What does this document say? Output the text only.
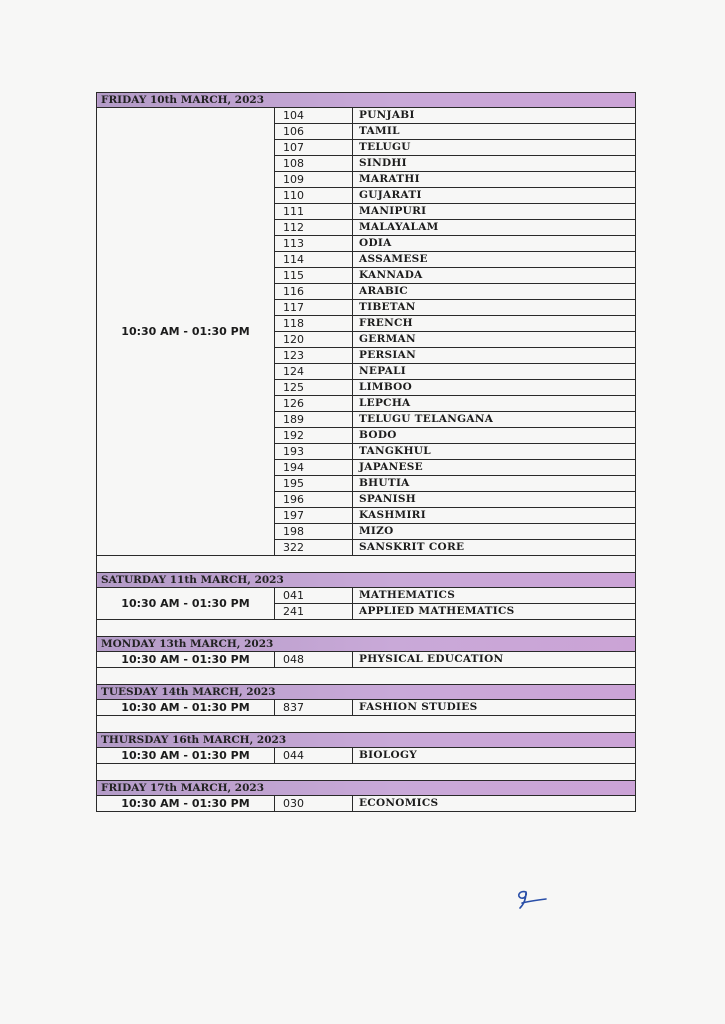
FRIDAY 10th MARCH, 2023		
10:30 AM - 01:30 PM	104	PUNJABI
	106	TAMIL
	107	TELUGU
	108	SINDHI
	109	MARATHI
	110	GUJARATI
	111	MANIPURI
	112	MALAYALAM
	113	ODIA
	114	ASSAMESE
	115	KANNADA
	116	ARABIC
	117	TIBETAN
	118	FRENCH
	120	GERMAN
	123	PERSIAN
	124	NEPALI
	125	LIMBOO
	126	LEPCHA
	189	TELUGU TELANGANA
	192	BODO
	193	TANGKHUL
	194	JAPANESE
	195	BHUTIA
	196	SPANISH
	197	KASHMIRI
	198	MIZO
	322	SANSKRIT CORE

SATURDAY 11th MARCH, 2023		
10:30 AM - 01:30 PM	041	MATHEMATICS
	241	APPLIED MATHEMATICS

MONDAY 13th MARCH, 2023		
10:30 AM - 01:30 PM	048	PHYSICAL EDUCATION

TUESDAY 14th MARCH, 2023		
10:30 AM - 01:30 PM	837	FASHION STUDIES

THURSDAY 16th MARCH, 2023		
10:30 AM - 01:30 PM	044	BIOLOGY

FRIDAY 17th MARCH, 2023		
10:30 AM - 01:30 PM	030	ECONOMICS
